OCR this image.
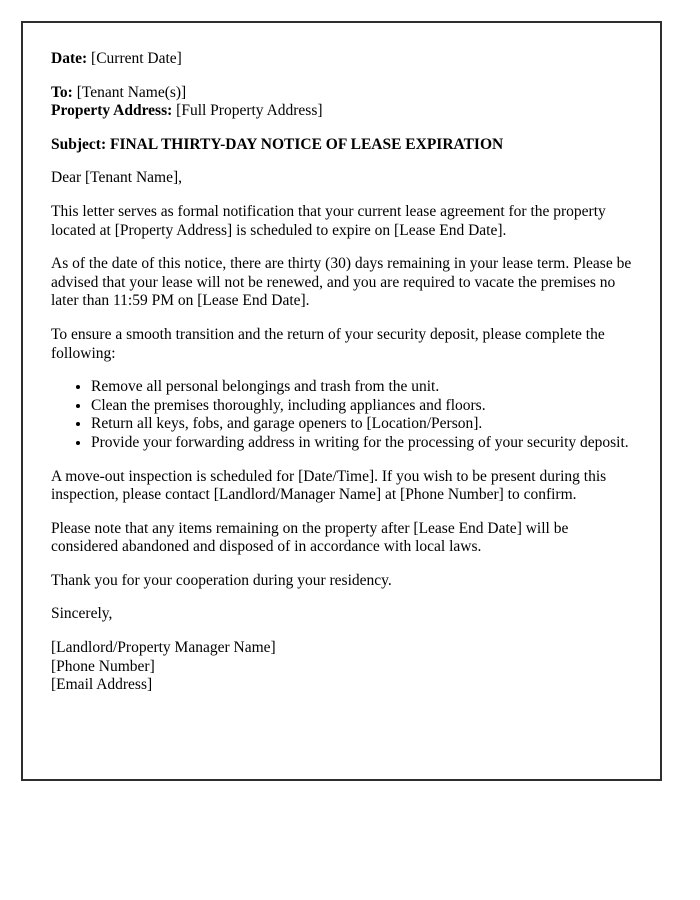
Date: [Current Date]

To: [Tenant Name(s)]
Property Address: [Full Property Address]

Subject: FINAL THIRTY-DAY NOTICE OF LEASE EXPIRATION

Dear [Tenant Name],

This letter serves as formal notification that your current lease agreement for the property located at [Property Address] is scheduled to expire on [Lease End Date].

As of the date of this notice, there are thirty (30) days remaining in your lease term. Please be advised that your lease will not be renewed, and you are required to vacate the premises no later than 11:59 PM on [Lease End Date].

To ensure a smooth transition and the return of your security deposit, please complete the following:

• Remove all personal belongings and trash from the unit.
• Clean the premises thoroughly, including appliances and floors.
• Return all keys, fobs, and garage openers to [Location/Person].
• Provide your forwarding address in writing for the processing of your security deposit.

A move-out inspection is scheduled for [Date/Time]. If you wish to be present during this inspection, please contact [Landlord/Manager Name] at [Phone Number] to confirm.

Please note that any items remaining on the property after [Lease End Date] will be considered abandoned and disposed of in accordance with local laws.

Thank you for your cooperation during your residency.

Sincerely,

[Landlord/Property Manager Name]
[Phone Number]
[Email Address]
